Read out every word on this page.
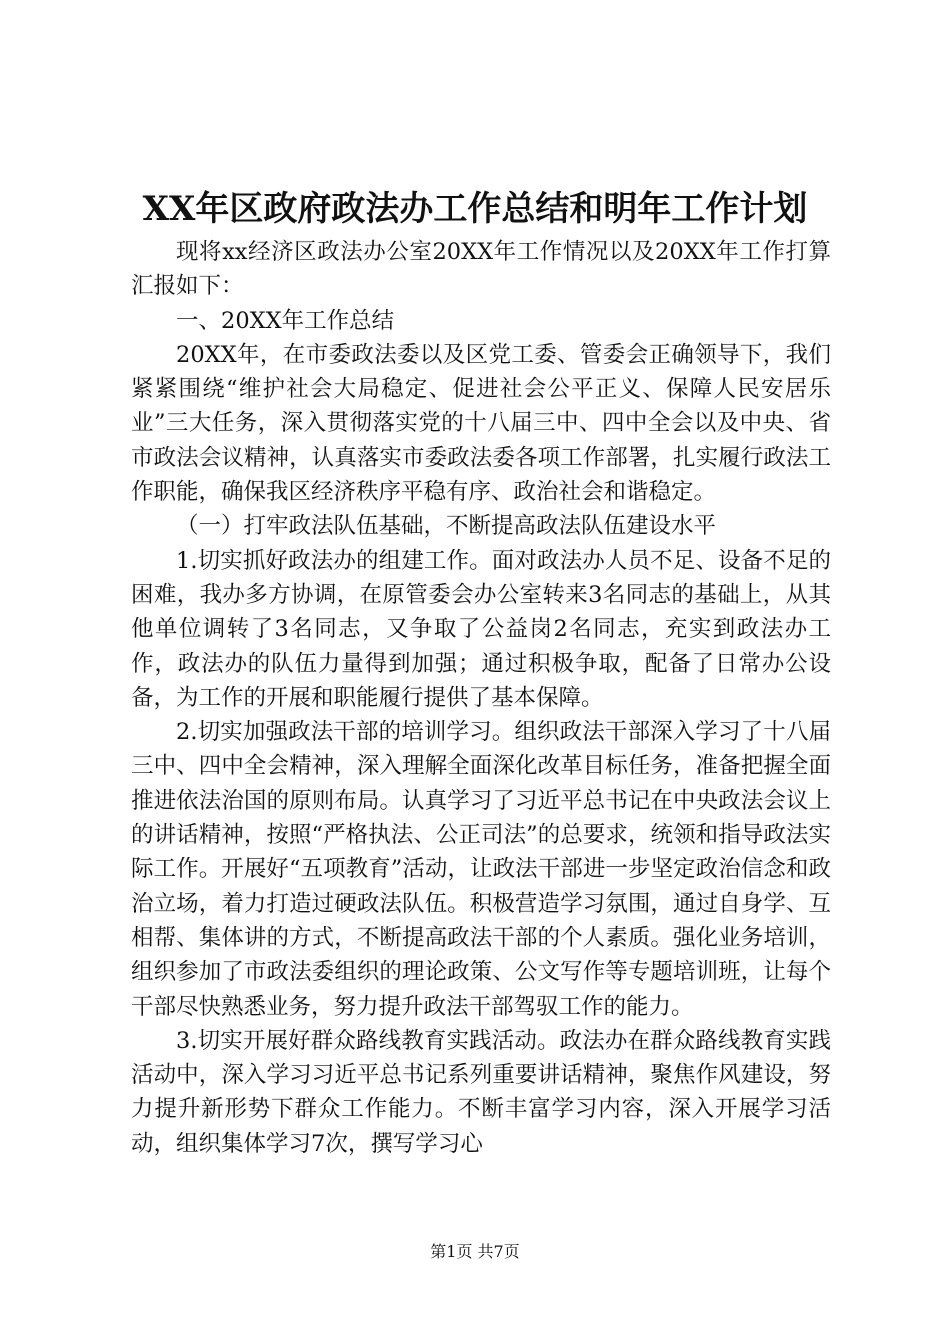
XX年区政府政法办工作总结和明年工作计划

现将xx经济区政法办公室20XX年工作情况以及20XX年工作打算汇报如下：

一、20XX年工作总结

20XX年，在市委政法委以及区党工委、管委会正确领导下，我们紧紧围绕“维护社会大局稳定、促进社会公平正义、保障人民安居乐业”三大任务，深入贯彻落实党的十八届三中、四中全会以及中央、省市政法会议精神，认真落实市委政法委各项工作部署，扎实履行政法工作职能，确保我区经济秩序平稳有序、政治社会和谐稳定。

（一）打牢政法队伍基础，不断提高政法队伍建设水平

1.切实抓好政法办的组建工作。面对政法办人员不足、设备不足的困难，我办多方协调，在原管委会办公室转来3名同志的基础上，从其他单位调转了3名同志，又争取了公益岗2名同志，充实到政法办工作，政法办的队伍力量得到加强；通过积极争取，配备了日常办公设备，为工作的开展和职能履行提供了基本保障。

2.切实加强政法干部的培训学习。组织政法干部深入学习了十八届三中、四中全会精神，深入理解全面深化改革目标任务，准备把握全面推进依法治国的原则布局。认真学习了习近平总书记在中央政法会议上的讲话精神，按照“严格执法、公正司法”的总要求，统领和指导政法实际工作。开展好“五项教育”活动，让政法干部进一步坚定政治信念和政治立场，着力打造过硬政法队伍。积极营造学习氛围，通过自身学、互相帮、集体讲的方式，不断提高政法干部的个人素质。强化业务培训，组织参加了市政法委组织的理论政策、公文写作等专题培训班，让每个干部尽快熟悉业务，努力提升政法干部驾驭工作的能力。

3.切实开展好群众路线教育实践活动。政法办在群众路线教育实践活动中，深入学习习近平总书记系列重要讲话精神，聚焦作风建设，努力提升新形势下群众工作能力。不断丰富学习内容，深入开展学习活动，组织集体学习7次，撰写学习心

第1页 共7页
